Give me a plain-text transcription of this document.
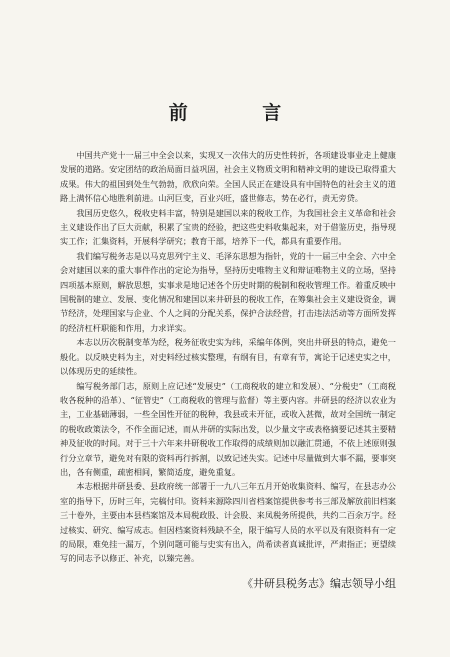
前 言

中国共产党十一届三中全会以来，实现又一次伟大的历史性转折，各项建设事业走上健康发展的道路。安定团结的政治局面日益巩固，社会主义物质文明和精神文明的建设已取得重大成果。伟大的祖国到处生气勃勃，欣欣向荣。全国人民正在建设具有中国特色的社会主义的道路上满怀信心地胜利前进。山河巨变，百业兴旺，盛世修志，势在必行，责无旁贷。

我国历史悠久，税收史料丰富，特别是建国以来的税收工作，为我国社会主义革命和社会主义建设作出了巨大贡献，积累了宝贵的经验，把这些史料收集起来，对于借鉴历史，指导现实工作；汇集资料，开展科学研究；教育干部，培养下一代，都具有重要作用。

我们编写税务志是以马克思列宁主义、毛泽东思想为指针，党的十一届三中全会、六中全会对建国以来的重大事件作出的定论为指导，坚持历史唯物主义和辩证唯物主义的立场，坚持四项基本原则，解放思想，实事求是地记述各个历史时期的税制和税收管理工作。着重反映中国税制的建立、发展、变化情况和建国以来井研县的税收工作，在筹集社会主义建设资金，调节经济，处理国家与企业、个人之间的分配关系，保护合法经营，打击违法活动等方面所发挥的经济杠杆职能和作用，力求详实。

本志以历次税制变革为经，税务征收史实为纬，采编年体例，突出井研县的特点，避免一般化。以反映史料为主，对史料经过核实整理，有纲有目，有章有节，寓论于记述史实之中，以体现历史的延续性。

编写税务部门志，原则上应记述“发展史”（工商税收的建立和发展）、“分税史”（工商税收各税种的沿革）、“征管史”（工商税收的管理与监督）等主要内容。井研县的经济以农业为主，工业基础薄弱，一些全国性开征的税种，我县或未开征，或收入甚微，故对全国统一制定的税收政策法令，不作全面记述，而从井研的实际出发，以少量文字或表格摘要记述其主要精神及征收的时间。对于三十六年来井研税收工作取得的成绩则加以融汇贯通，不依上述原则强行分立章节，避免对有限的资料再行拆割，以致记述失实。记述中尽量做到大事不漏，要事突出，各有侧重，疏密相间，繁简适度，避免重复。

本志根据井研县委、县政府统一部署于一九八三年五月开始收集资料、编写，在县志办公室的指导下，历时三年，完稿付印。资料来源除四川省档案馆提供参考书三部及解放前旧档案三十卷外，主要由本县档案馆及本局税政股、计会股、来凤税务所提供，共约二百余万字。经过核实、研究、编写成志。但因档案资料残缺不全，限于编写人员的水平以及有限资料有一定的局限，难免挂一漏万，个别问题可能与史实有出入，尚希读者真诚批评，严肃指正；更望续写的同志予以修正、补充，以臻完善。

《井研县税务志》编志领导小组
